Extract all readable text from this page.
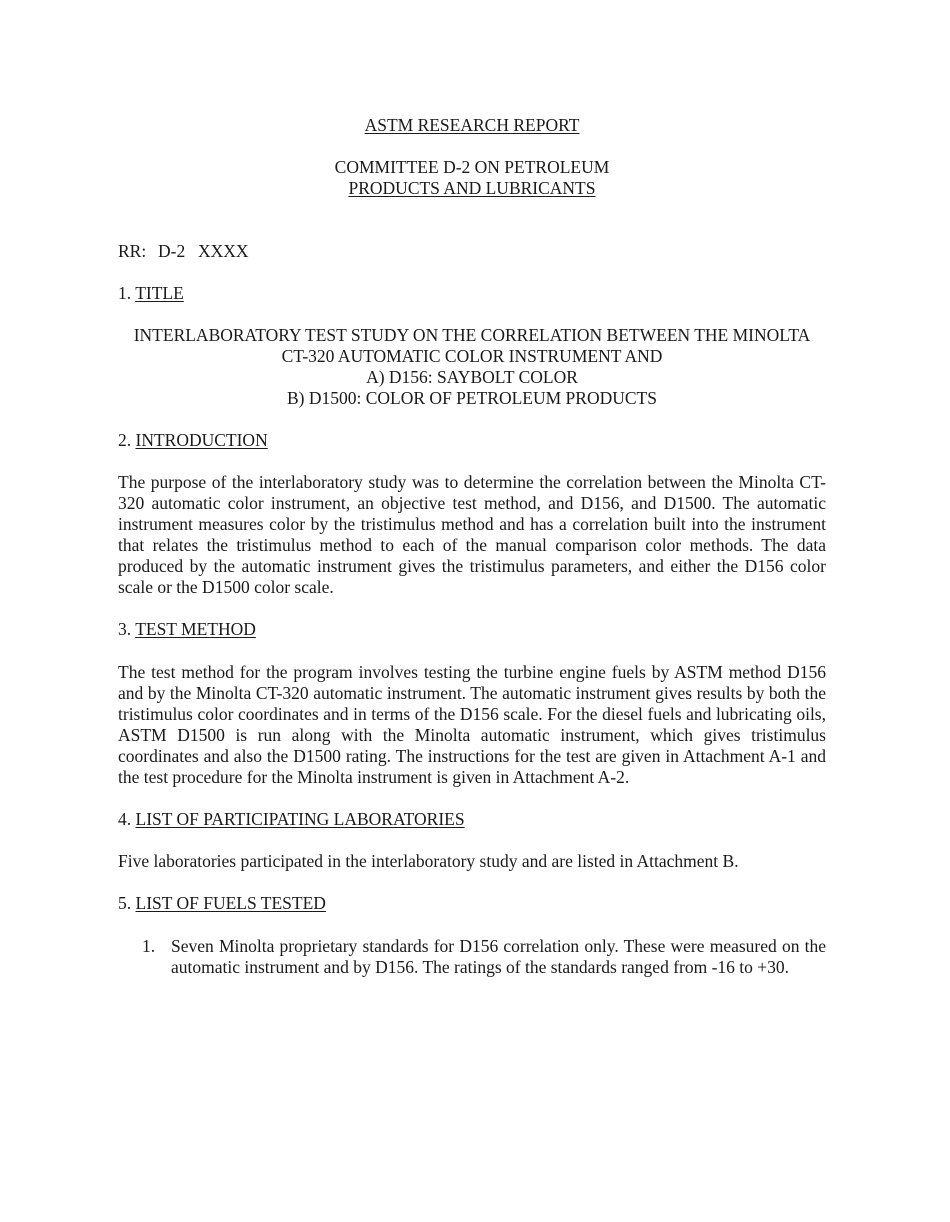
ASTM RESEARCH REPORT

COMMITTEE D-2 ON PETROLEUM
PRODUCTS AND LUBRICANTS
RR: D-2 XXXX
1. TITLE
INTERLABORATORY TEST STUDY ON THE CORRELATION BETWEEN THE MINOLTA
CT-320 AUTOMATIC COLOR INSTRUMENT AND
A) D156: SAYBOLT COLOR
B) D1500: COLOR OF PETROLEUM PRODUCTS
2. INTRODUCTION

The purpose of the interlaboratory study was to determine the correlation between the Minolta CT-320 automatic color instrument, an objective test method, and D156, and D1500. The automatic instrument measures color by the tristimulus method and has a correlation built into the instrument that relates the tristimulus method to each of the manual comparison color methods. The data produced by the automatic instrument gives the tristimulus parameters, and either the D156 color scale or the D1500 color scale.

3. TEST METHOD

The test method for the program involves testing the turbine engine fuels by ASTM method D156 and by the Minolta CT-320 automatic instrument. The automatic instrument gives results by both the tristimulus color coordinates and in terms of the D156 scale. For the diesel fuels and lubricating oils, ASTM D1500 is run along with the Minolta automatic instrument, which gives tristimulus coordinates and also the D1500 rating. The instructions for the test are given in Attachment A-1 and the test procedure for the Minolta instrument is given in Attachment A-2.

4. LIST OF PARTICIPATING LABORATORIES

Five laboratories participated in the interlaboratory study and are listed in Attachment B.

5. LIST OF FUELS TESTED
1. Seven Minolta proprietary standards for D156 correlation only. These were measured on the automatic instrument and by D156. The ratings of the standards ranged from -16 to +30.
